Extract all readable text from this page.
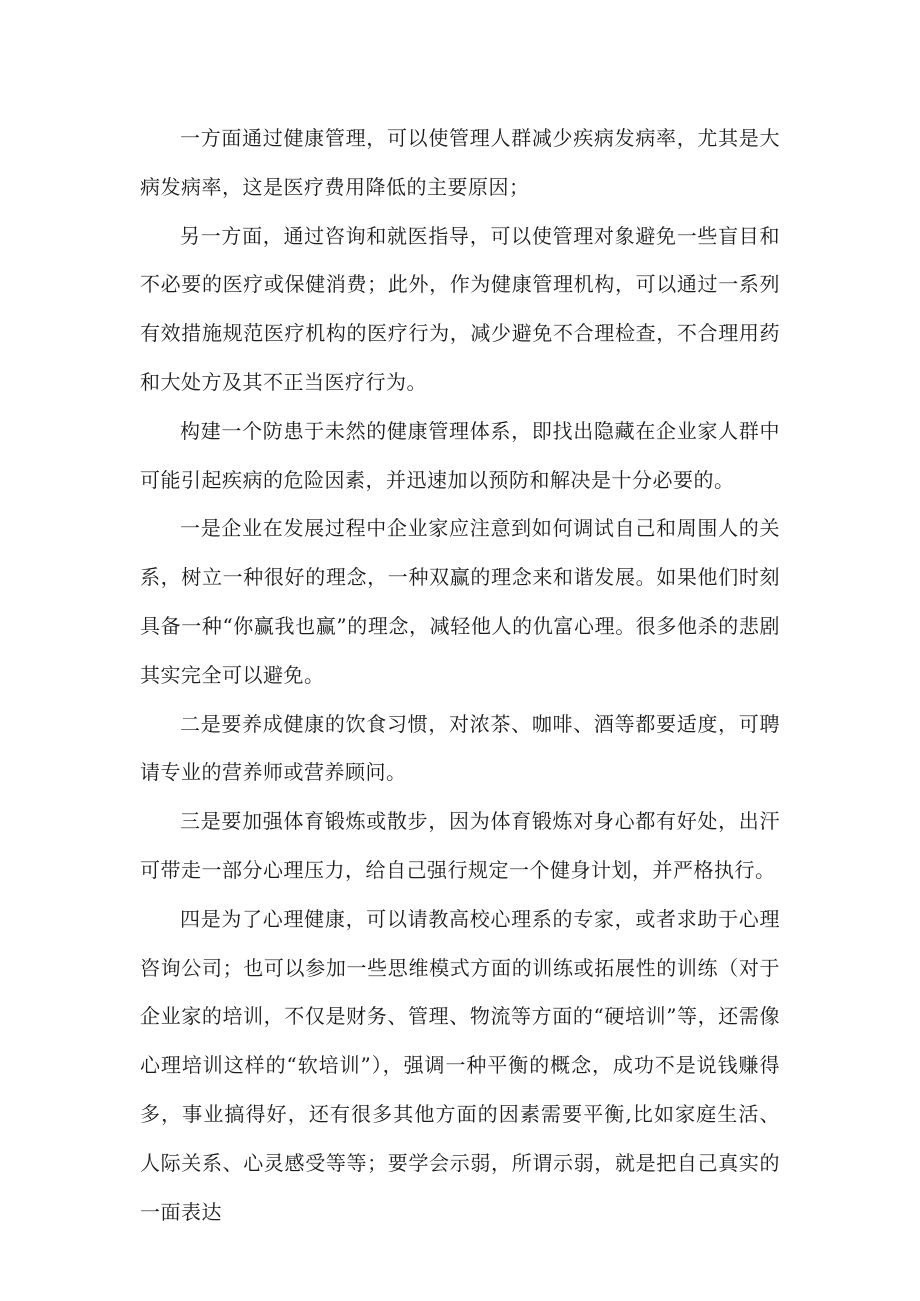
一方面通过健康管理，可以使管理人群减少疾病发病率，尤其是大病发病率，这是医疗费用降低的主要原因；

另一方面，通过咨询和就医指导，可以使管理对象避免一些盲目和不必要的医疗或保健消费；此外，作为健康管理机构，可以通过一系列有效措施规范医疗机构的医疗行为，减少避免不合理检查，不合理用药和大处方及其不正当医疗行为。

构建一个防患于未然的健康管理体系，即找出隐藏在企业家人群中可能引起疾病的危险因素，并迅速加以预防和解决是十分必要的。

一是企业在发展过程中企业家应注意到如何调试自己和周围人的关系，树立一种很好的理念，一种双赢的理念来和谐发展。如果他们时刻具备一种“你赢我也赢”的理念，减轻他人的仇富心理。很多他杀的悲剧其实完全可以避免。

二是要养成健康的饮食习惯，对浓茶、咖啡、酒等都要适度，可聘请专业的营养师或营养顾问。

三是要加强体育锻炼或散步，因为体育锻炼对身心都有好处，出汗可带走一部分心理压力，给自己强行规定一个健身计划，并严格执行。

四是为了心理健康，可以请教高校心理系的专家，或者求助于心理咨询公司；也可以参加一些思维模式方面的训练或拓展性的训练（对于企业家的培训，不仅是财务、管理、物流等方面的“硬培训”等，还需像心理培训这样的“软培训”），强调一种平衡的概念，成功不是说钱赚得多，事业搞得好，还有很多其他方面的因素需要平衡,比如家庭生活、人际关系、心灵感受等等；要学会示弱，所谓示弱，就是把自己真实的一面表达
